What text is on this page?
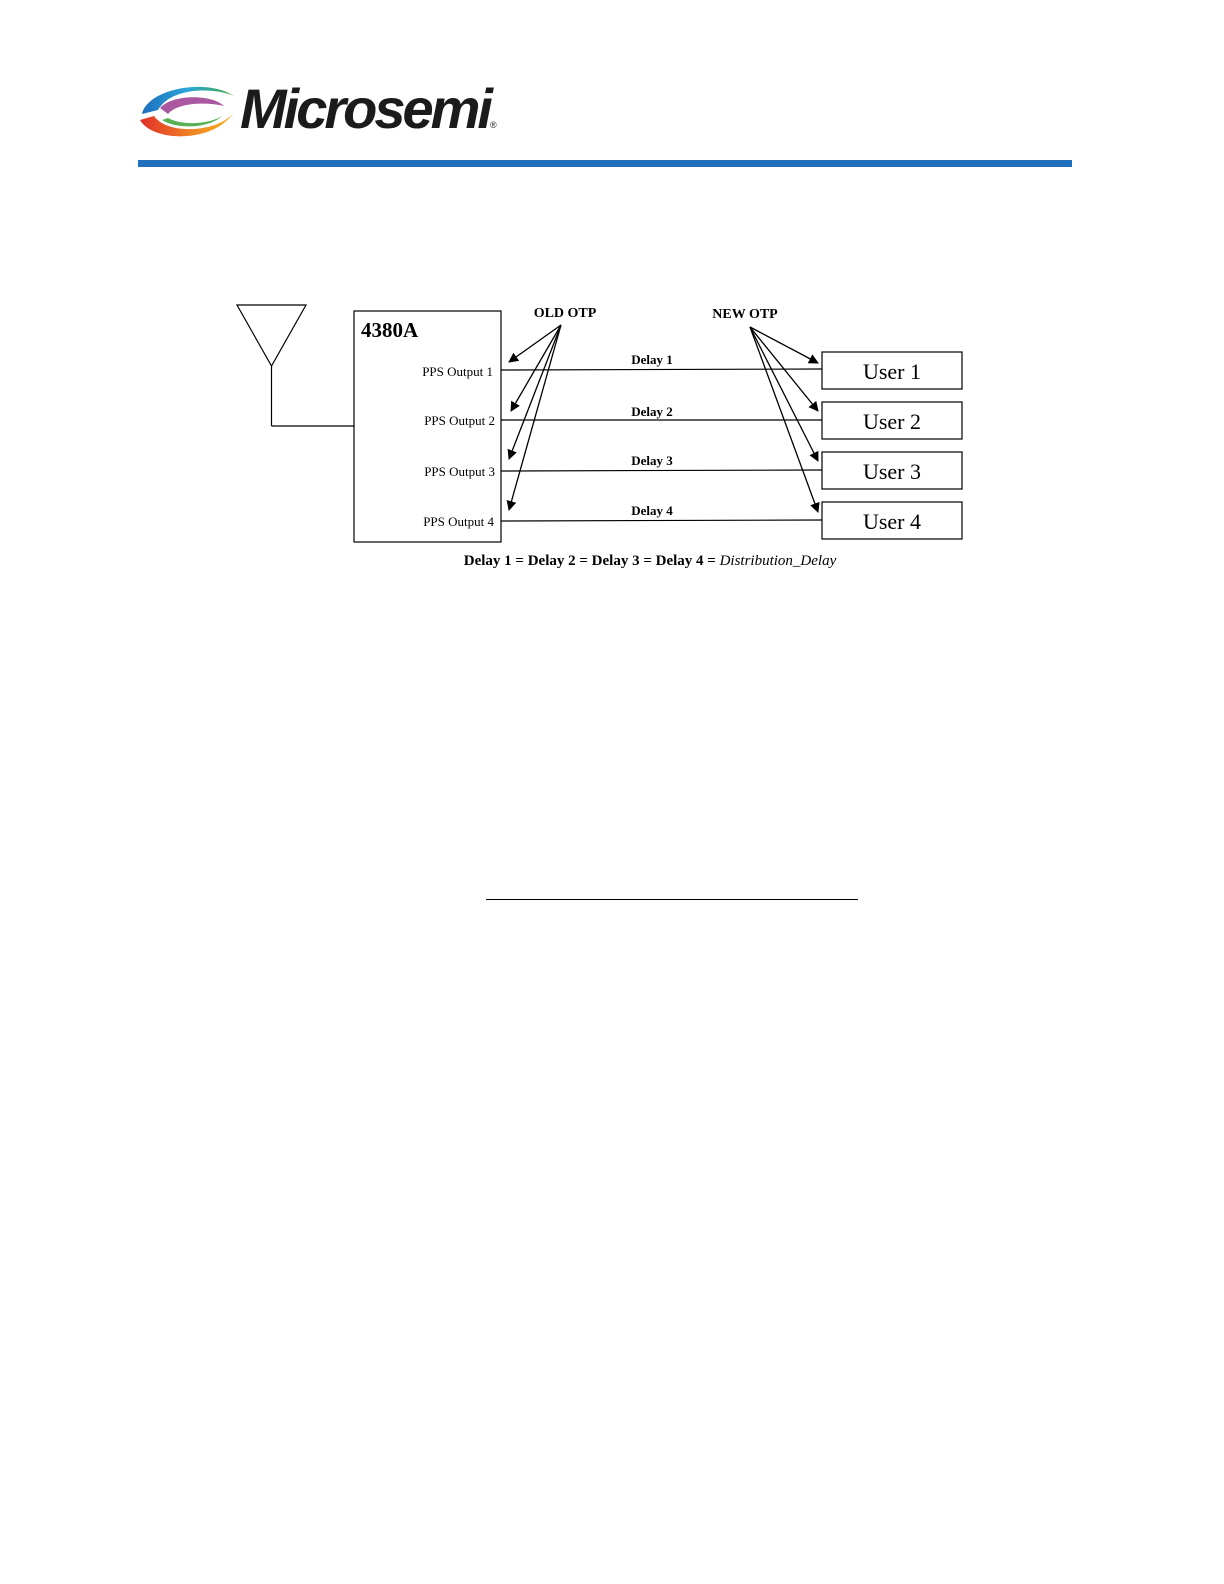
Microsemi ®
4380A
PPS Output 1
PPS Output 2
PPS Output 3
PPS Output 4
Delay 1
Delay 2
Delay 3
Delay 4
OLD OTP	NEW OTP
User 1
User 2
User 3
User 4
Delay 1 = Delay 2 = Delay 3 = Delay 4 = Distribution_Delay
